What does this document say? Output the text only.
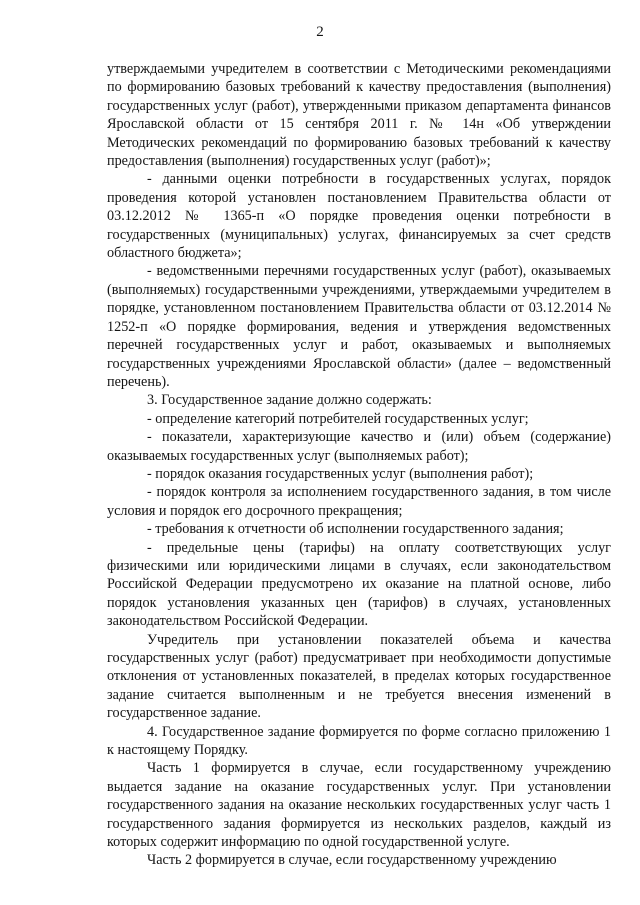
2

утверждаемыми учредителем в соответствии с Методическими рекомендациями по формированию базовых требований к качеству предоставления (выполнения) государственных услуг (работ), утвержденными приказом департамента финансов Ярославской области от 15 сентября 2011 г. № 14н «Об утверждении Методических рекомендаций по формированию базовых требований к качеству предоставления (выполнения) государственных услуг (работ)»;

- данными оценки потребности в государственных услугах, порядок проведения которой установлен постановлением Правительства области от 03.12.2012 № 1365-п «О порядке проведения оценки потребности в государственных (муниципальных) услугах, финансируемых за счет средств областного бюджета»;

- ведомственными перечнями государственных услуг (работ), оказываемых (выполняемых) государственными учреждениями, утверждаемыми учредителем в порядке, установленном постановлением Правительства области от 03.12.2014 № 1252-п «О порядке формирования, ведения и утверждения ведомственных перечней государственных услуг и работ, оказываемых и выполняемых государственных учреждениями Ярославской области» (далее – ведомственный перечень).

3. Государственное задание должно содержать:

- определение категорий потребителей государственных услуг;

- показатели, характеризующие качество и (или) объем (содержание) оказываемых государственных услуг (выполняемых работ);

- порядок оказания государственных услуг (выполнения работ);

- порядок контроля за исполнением государственного задания, в том числе условия и порядок его досрочного прекращения;

- требования к отчетности об исполнении государственного задания;

- предельные цены (тарифы) на оплату соответствующих услуг физическими или юридическими лицами в случаях, если законодательством Российской Федерации предусмотрено их оказание на платной основе, либо порядок установления указанных цен (тарифов) в случаях, установленных законодательством Российской Федерации.

Учредитель при установлении показателей объема и качества государственных услуг (работ) предусматривает при необходимости допустимые отклонения от установленных показателей, в пределах которых государственное задание считается выполненным и не требуется внесения изменений в государственное задание.

4. Государственное задание формируется по форме согласно приложению 1 к настоящему Порядку.

Часть 1 формируется в случае, если государственному учреждению выдается задание на оказание государственных услуг. При установлении государственного задания на оказание нескольких государственных услуг часть 1 государственного задания формируется из нескольких разделов, каждый из которых содержит информацию по одной государственной услуге.

Часть 2 формируется в случае, если государственному учреждению
